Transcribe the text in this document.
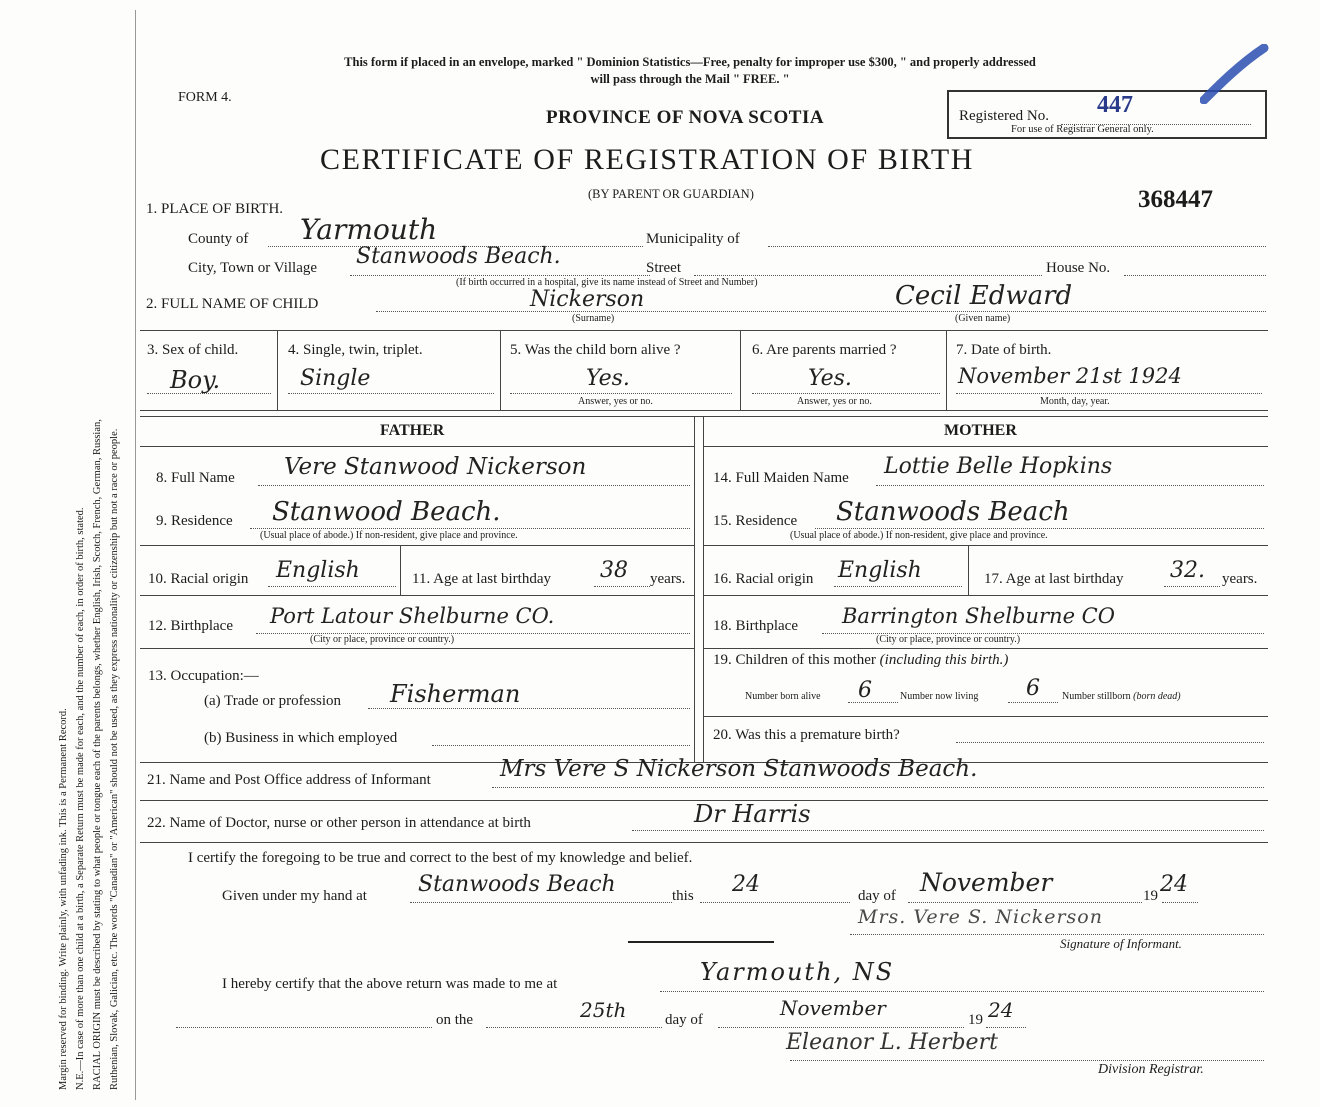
Margin reserved for binding. Write plainly, with unfading ink. This is a Permanent Record. N.E.—In case of more than one child at a birth, a Separate Return must be made for each, and the number of each, in order of birth, stated. RACIAL ORIGIN must be described by stating to what people or tongue each of the parents belongs, whether English, Irish, Scotch, French, German, Russian, Ruthenian, Slovak, Galician, etc. The words "Canadian" or "American" should not be used, as they express nationality or citizenship but not a race or people.
This form if placed in an envelope, marked " Dominion Statistics—Free, penalty for improper use $300, " and properly addressed
will pass through the Mail " FREE. "
FORM 4.
PROVINCE OF NOVA SCOTIA	Registered No. 447
For use of Registrar General only.
CERTIFICATE OF REGISTRATION OF BIRTH
(BY PARENT OR GUARDIAN)	368447
1. PLACE OF BIRTH.
County of Yarmouth	Municipality of
City, Town or Village Stanwoods Beach.	Street	House No.
(If birth occurred in a hospital, give its name instead of Street and Number)
2. FULL NAME OF CHILD	Nickerson
(Surname)
Cecil Edward
(Given name)
3. Sex of child.
Boy.
4. Single, twin, triplet.
Single
5. Was the child born alive ?
Yes.
Answer, yes or no.
6. Are parents married ?
Yes.
Answer, yes or no.
7. Date of birth.
November 21st 1924
Month, day, year.
FATHER	MOTHER
8. Full Name Vere Stanwood Nickerson
9. Residence Stanwood Beach.
(Usual place of abode.) If non-resident, give place and province.
10. Racial origin English	11. Age at last birthday 38 years.
12. Birthplace Port Latour Shelburne CO.
(City or place, province or country.)
13. Occupation:—
(a) Trade or profession Fisherman
(b) Business in which employed
14. Full Maiden Name Lottie Belle Hopkins
15. Residence Stanwoods Beach
(Usual place of abode.) If non-resident, give place and province.
16. Racial origin English	17. Age at last birthday 32. years.
18. Birthplace Barrington Shelburne CO
(City or place, province or country.)
19. Children of this mother (including this birth.)
Number born alive 6	Number now living 6 Number stillborn (born dead)
20. Was this a premature birth?
21. Name and Post Office address of Informant	Mrs Vere S Nickerson Stanwoods Beach.
22. Name of Doctor, nurse or other person in attendance at birth	Dr Harris
I certify the foregoing to be true and correct to the best of my knowledge and belief.
Given under my hand at Stanwoods Beach	this 24	day of November	19 24
Mrs. Vere S. Nickerson
Signature of Informant.
I hereby certify that the above return was made to me at	Yarmouth, NS
on the	25th	day of	November	19 24
Eleanor L. Herbert
Division Registrar.
